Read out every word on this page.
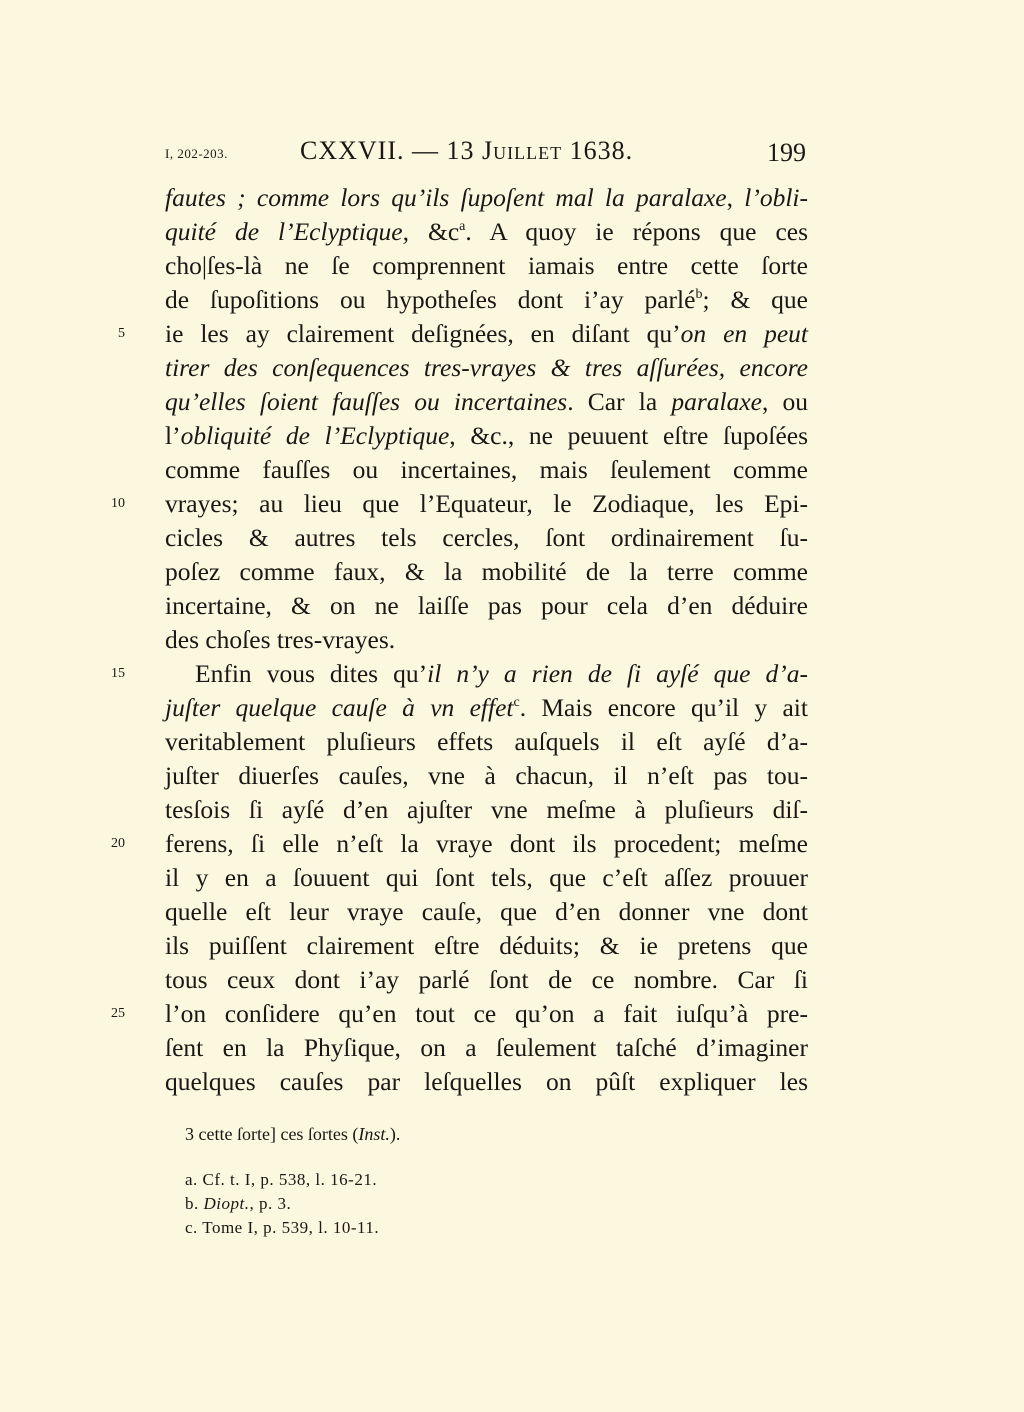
I, 202-203.	CXXVII. — 13 Juillet 1638.	199
fautes ; comme lors qu’ils ſupoſent mal la paralaxe, l’obli-
quité de l’Eclyptique, $\&c^a$. A quoy ie répons que ces
cho|ſes-là ne ſe comprennent iamais entre cette ſorte
de ſupoſitions ou hypotheſes dont i’ay parlé$^b$; & que
5 ie les ay clairement deſignées, en diſant qu’on en peut
tirer des conſequences tres-vrayes & tres aſſurées, encore
qu’elles ſoient fauſſes ou incertaines. Car la paralaxe, ou
l’obliquité de l’Eclyptique, &c., ne peuuent eſtre ſupoſées
comme fauſſes ou incertaines, mais ſeulement comme
10 vrayes; au lieu que l’Equateur, le Zodiaque, les Epi-
cicles & autres tels cercles, ſont ordinairement ſu-
poſez comme faux, & la mobilité de la terre comme
incertaine, & on ne laiſſe pas pour cela d’en déduire
des choſes tres-vrayes.
15	Enfin vous dites qu’il n’y a rien de ſi ayſé que d’a-
juſter quelque cauſe à vn effet$^c$. Mais encore qu’il y ait
veritablement pluſieurs effets auſquels il eſt ayſé d’a-
juſter diuerſes cauſes, vne à chacun, il n’eſt pas tou-
tesſois ſi ayſé d’en ajuſter vne meſme à pluſieurs diſ-
20 ferens, ſi elle n’eſt la vraye dont ils procedent; meſme
il y en a ſouuent qui ſont tels, que c’eſt aſſez prouuer
quelle eſt leur vraye cauſe, que d’en donner vne dont
ils puiſſent clairement eſtre déduits; & ie pretens que
tous ceux dont i’ay parlé ſont de ce nombre. Car ſi
25 l’on conſidere qu’en tout ce qu’on a fait iuſqu’à pre-
ſent en la Phyſique, on a ſeulement taſché d’imaginer
quelques cauſes par leſquelles on pûſt expliquer les
3 cette ſorte] ces ſortes (Inst.).
a. Cf. t. I, p. 538, l. 16-21.
b. Diopt., p. 3.
c. Tome I, p. 539, l. 10-11.
